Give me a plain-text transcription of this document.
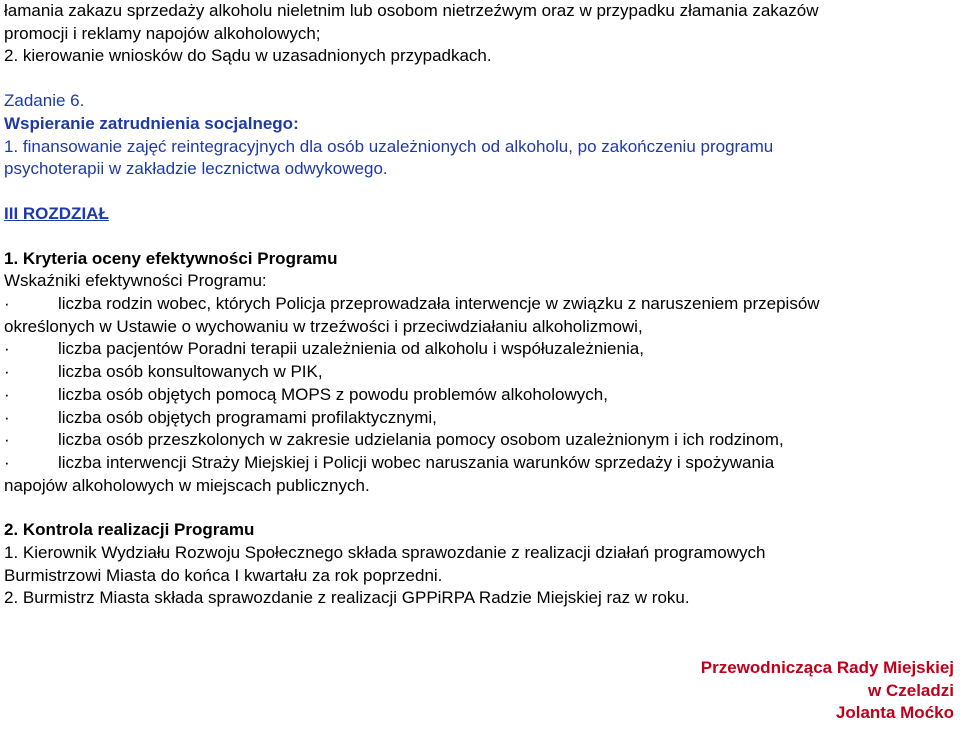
łamania zakazu sprzedaży alkoholu nieletnim lub osobom nietrzeźwym oraz w przypadku złamania zakazów
promocji i reklamy napojów alkoholowych;
2. kierowanie wniosków do Sądu w uzasadnionych przypadkach.
Zadanie 6.
Wspieranie zatrudnienia socjalnego:
1. finansowanie zajęć reintegracyjnych dla osób uzależnionych od alkoholu, po zakończeniu programu
psychoterapii w zakładzie lecznictwa odwykowego.
III ROZDZIAŁ
1. Kryteria oceny efektywności Programu
Wskaźniki efektywności Programu:
·	liczba rodzin wobec, których Policja przeprowadzała interwencje w związku z naruszeniem przepisów
określonych w Ustawie o wychowaniu w trzeźwości i przeciwdziałaniu alkoholizmowi,
·	liczba pacjentów Poradni terapii uzależnienia od alkoholu i współuzależnienia,
·	liczba osób konsultowanych w PIK,
·	liczba osób objętych pomocą MOPS z powodu problemów alkoholowych,
·	liczba osób objętych programami profilaktycznymi,
·	liczba osób przeszkolonych w zakresie udzielania pomocy osobom uzależnionym i ich rodzinom,
·	liczba interwencji Straży Miejskiej i Policji wobec naruszania warunków sprzedaży i spożywania
napojów alkoholowych w miejscach publicznych.
2. Kontrola realizacji Programu
1. Kierownik Wydziału Rozwoju Społecznego składa sprawozdanie z realizacji działań programowych
Burmistrzowi Miasta do końca I kwartału za rok poprzedni.
2. Burmistrz Miasta składa sprawozdanie z realizacji GPPiRPA Radzie Miejskiej raz w roku.
Przewodnicząca Rady Miejskiej
w Czeladzi
Jolanta Moćko
